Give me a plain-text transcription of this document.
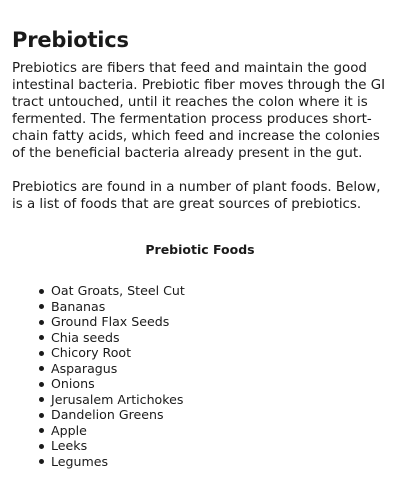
Prebiotics

Prebiotics are fibers that feed and maintain the good intestinal bacteria. Prebiotic fiber moves through the GI tract untouched, until it reaches the colon where it is fermented. The fermentation process produces short-chain fatty acids, which feed and increase the colonies of the beneficial bacteria already present in the gut.

Prebiotics are found in a number of plant foods. Below, is a list of foods that are great sources of prebiotics.

Prebiotic Foods
Oat Groats, Steel Cut
Bananas
Ground Flax Seeds
Chia seeds
Chicory Root
Asparagus
Onions
Jerusalem Artichokes
Dandelion Greens
Apple
Leeks
Legumes
